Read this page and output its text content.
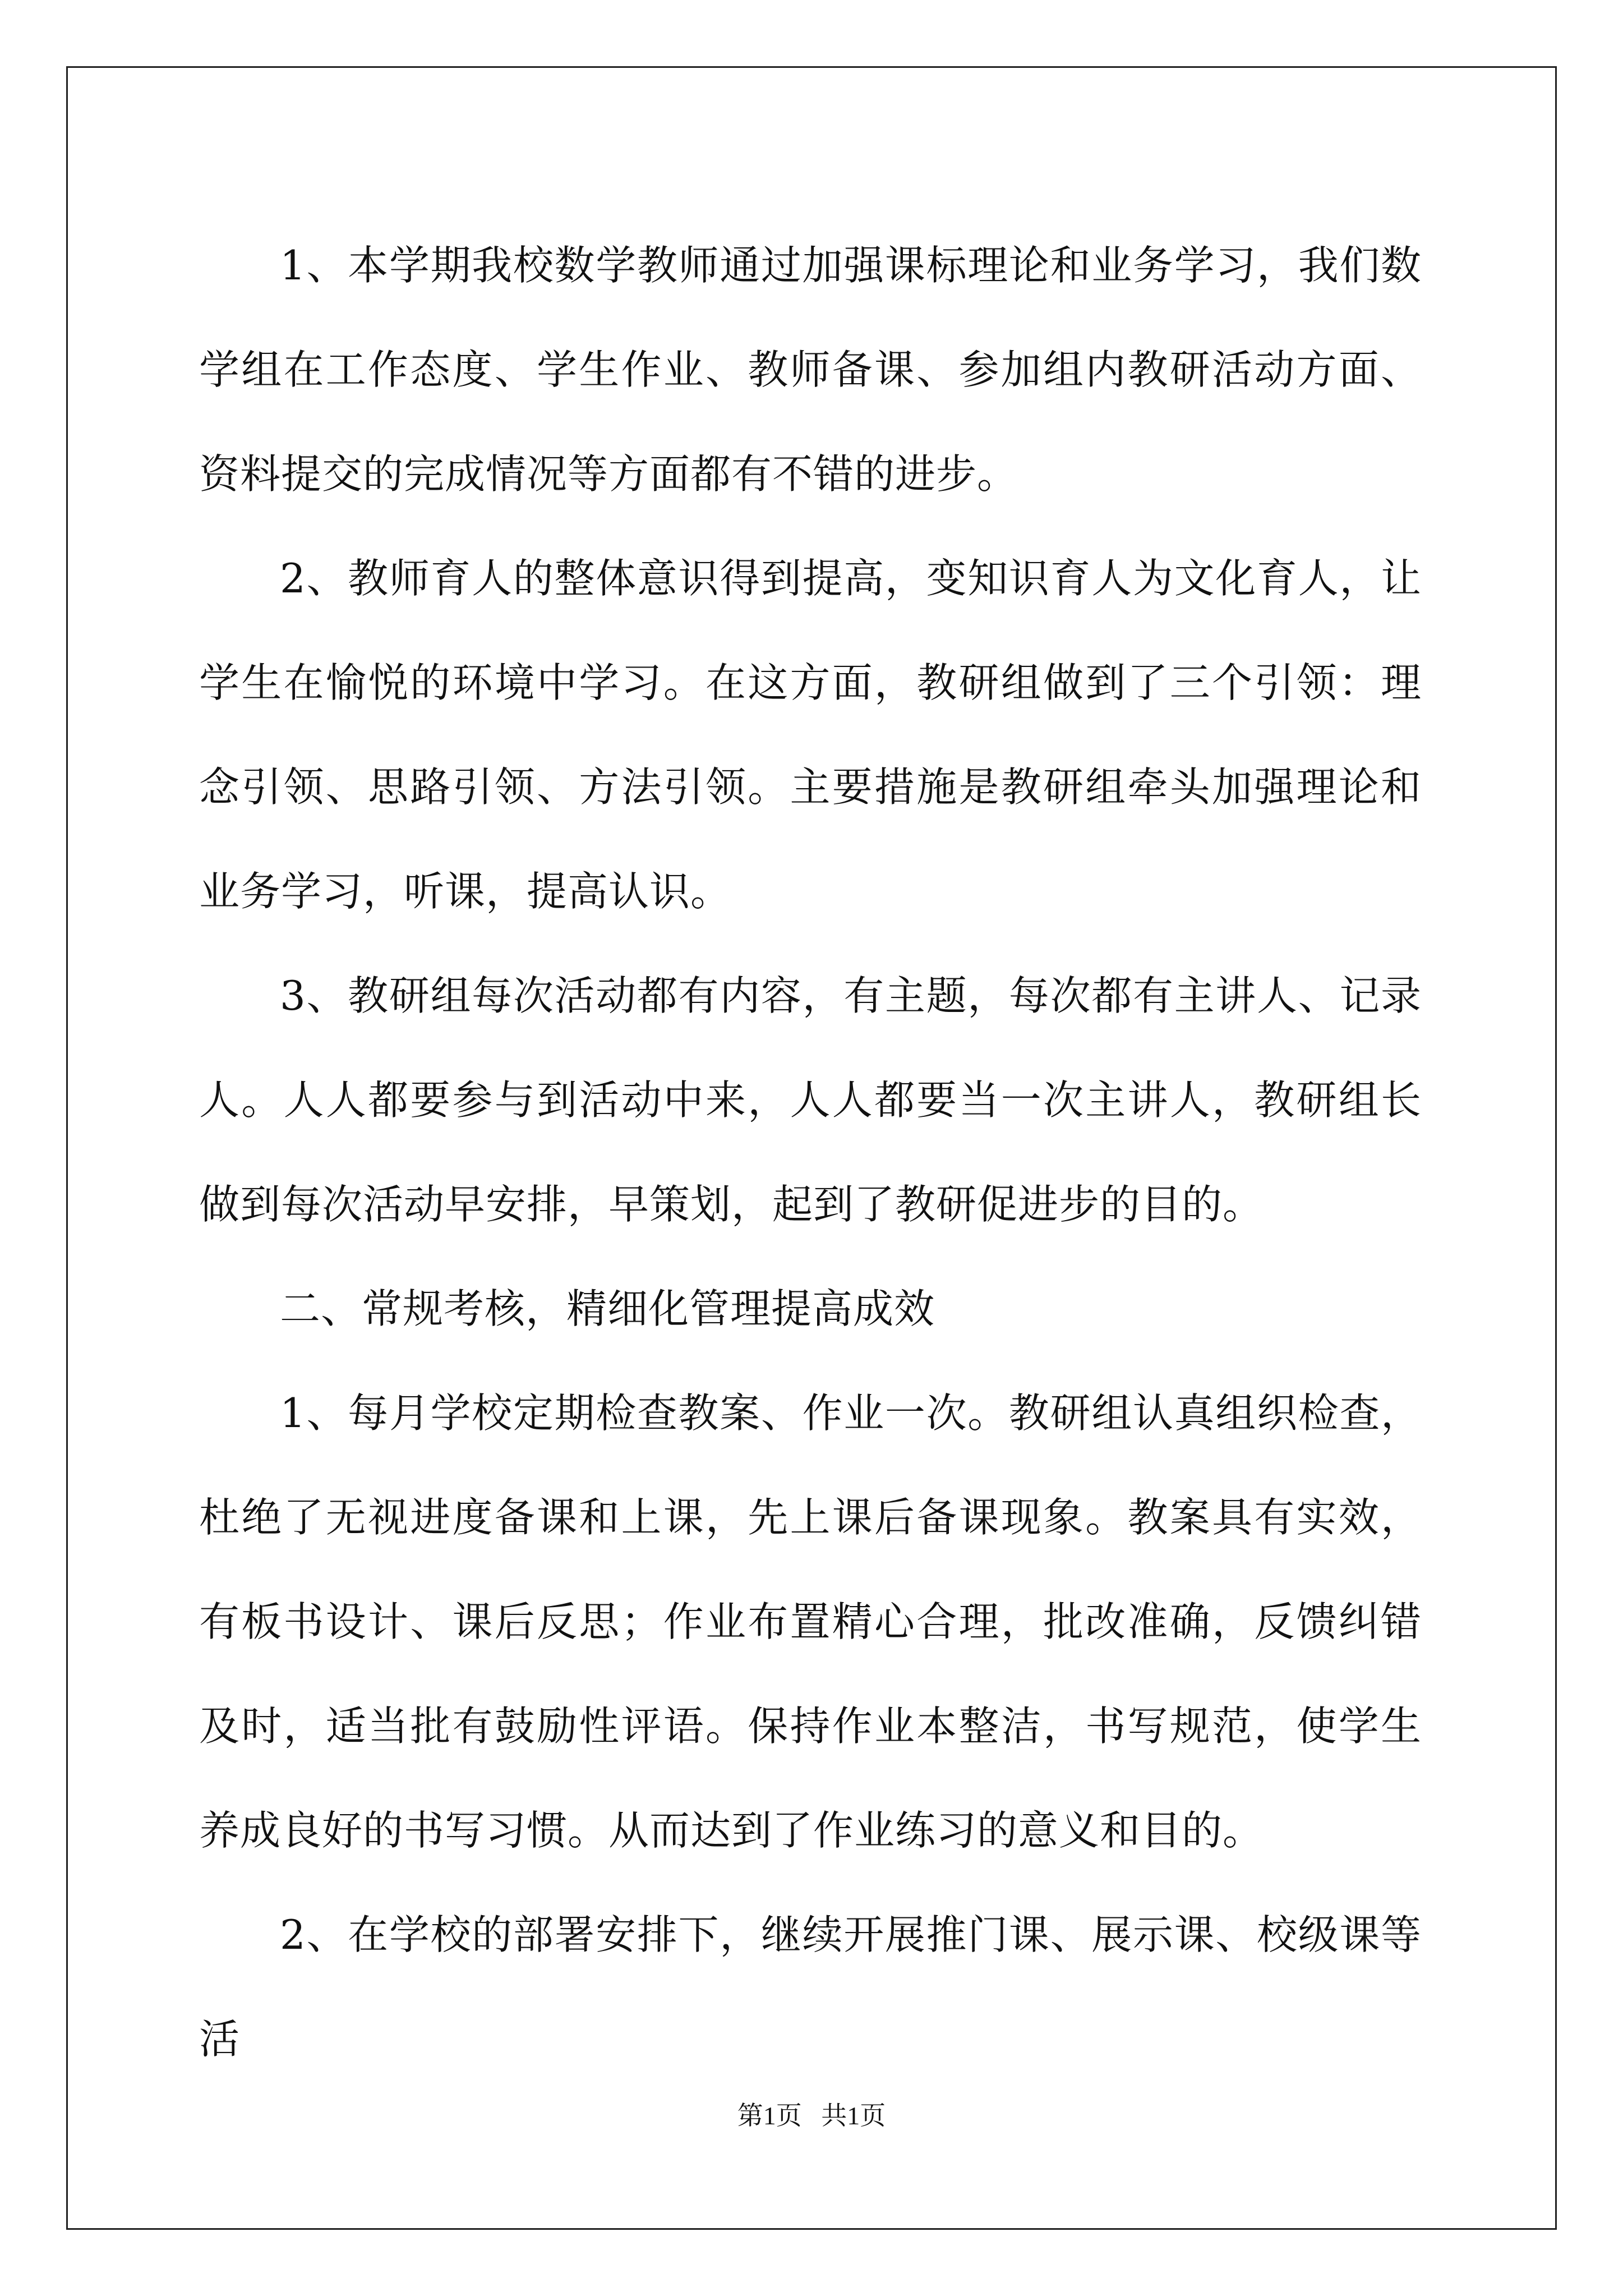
1、本学期我校数学教师通过加强课标理论和业务学习，我们数学组在工作态度、学生作业、教师备课、参加组内教研活动方面、资料提交的完成情况等方面都有不错的进步。

2、教师育人的整体意识得到提高，变知识育人为文化育人，让学生在愉悦的环境中学习。在这方面，教研组做到了三个引领：理念引领、思路引领、方法引领。主要措施是教研组牵头加强理论和业务学习，听课，提高认识。

3、教研组每次活动都有内容，有主题，每次都有主讲人、记录人。人人都要参与到活动中来，人人都要当一次主讲人，教研组长做到每次活动早安排，早策划，起到了教研促进步的目的。

二、常规考核，精细化管理提高成效

1、每月学校定期检查教案、作业一次。教研组认真组织检查，杜绝了无视进度备课和上课，先上课后备课现象。教案具有实效，有板书设计、课后反思；作业布置精心合理，批改准确，反馈纠错及时，适当批有鼓励性评语。保持作业本整洁，书写规范，使学生养成良好的书写习惯。从而达到了作业练习的意义和目的。

2、在学校的部署安排下，继续开展推门课、展示课、校级课等活

第1页   共1页
